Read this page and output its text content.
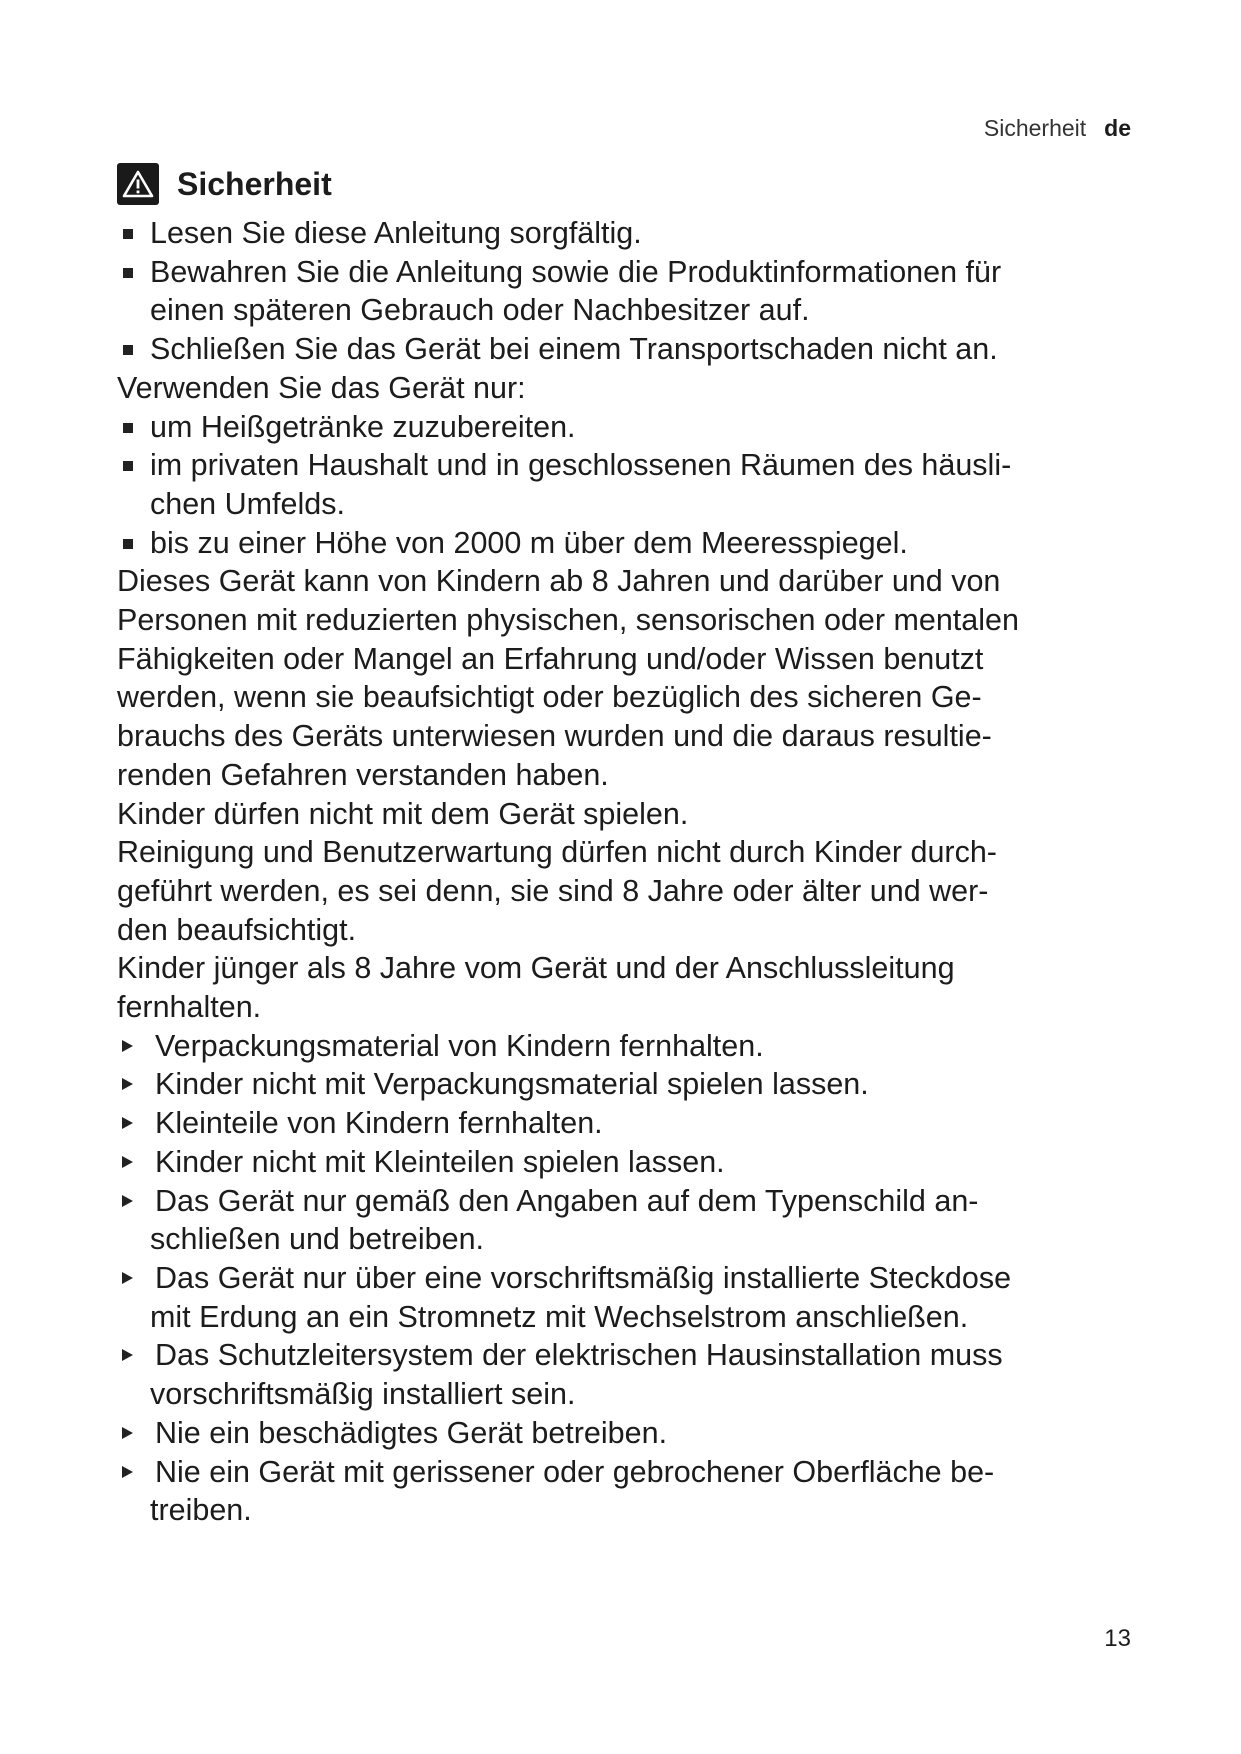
Sicherheit de
Sicherheit
Lesen Sie diese Anleitung sorgfältig.
Bewahren Sie die Anleitung sowie die Produktinformationen für
einen späteren Gebrauch oder Nachbesitzer auf.
Schließen Sie das Gerät bei einem Transportschaden nicht an.
Verwenden Sie das Gerät nur:
um Heißgetränke zuzubereiten.
im privaten Haushalt und in geschlossenen Räumen des häusli-
chen Umfelds.
bis zu einer Höhe von 2000 m über dem Meeresspiegel.
Dieses Gerät kann von Kindern ab 8 Jahren und darüber und von
Personen mit reduzierten physischen, sensorischen oder mentalen
Fähigkeiten oder Mangel an Erfahrung und/oder Wissen benutzt
werden, wenn sie beaufsichtigt oder bezüglich des sicheren Ge-
brauchs des Geräts unterwiesen wurden und die daraus resultie-
renden Gefahren verstanden haben.
Kinder dürfen nicht mit dem Gerät spielen.
Reinigung und Benutzerwartung dürfen nicht durch Kinder durch-
geführt werden, es sei denn, sie sind 8 Jahre oder älter und wer-
den beaufsichtigt.
Kinder jünger als 8 Jahre vom Gerät und der Anschlussleitung
fernhalten.
Verpackungsmaterial von Kindern fernhalten.
Kinder nicht mit Verpackungsmaterial spielen lassen.
Kleinteile von Kindern fernhalten.
Kinder nicht mit Kleinteilen spielen lassen.
Das Gerät nur gemäß den Angaben auf dem Typenschild an-
schließen und betreiben.
Das Gerät nur über eine vorschriftsmäßig installierte Steckdose
mit Erdung an ein Stromnetz mit Wechselstrom anschließen.
Das Schutzleitersystem der elektrischen Hausinstallation muss
vorschriftsmäßig installiert sein.
Nie ein beschädigtes Gerät betreiben.
Nie ein Gerät mit gerissener oder gebrochener Oberfläche be-
treiben.
13
